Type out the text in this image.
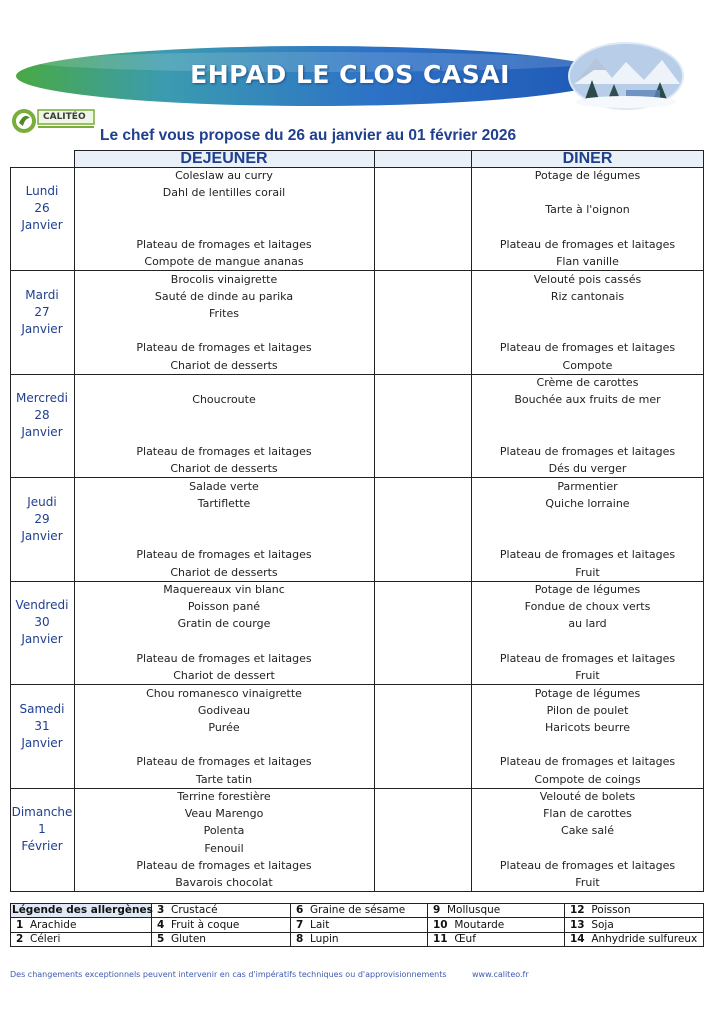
EHPAD LE CLOS CASAI
CALITÉO
Le chef vous propose du 26 au janvier au 01 février 2026
DEJEUNER	DINER
Lundi
26
Janvier
Coleslaw au curry
Dahl de lentilles corail
Plateau de fromages et laitages
Compote de mangue ananas
Potage de légumes
Tarte à l'oignon
Plateau de fromages et laitages
Flan vanille
Mardi
27
Janvier
Brocolis vinaigrette
Sauté de dinde au parika
Frites
Plateau de fromages et laitages
Chariot de desserts
Velouté pois cassés
Riz cantonais
Plateau de fromages et laitages
Compote
Mercredi
28
Janvier
Choucroute
Plateau de fromages et laitages
Chariot de desserts
Crème de carottes
Bouchée aux fruits de mer
Plateau de fromages et laitages
Dés du verger
Jeudi
29
Janvier
Salade verte
Tartiflette
Plateau de fromages et laitages
Chariot de desserts
Parmentier
Quiche lorraine
Plateau de fromages et laitages
Fruit
Vendredi
30
Janvier
Maquereaux vin blanc
Poisson pané
Gratin de courge
Plateau de fromages et laitages
Chariot de dessert
Potage de légumes
Fondue de choux verts
au lard
Plateau de fromages et laitages
Fruit
Samedi
31
Janvier
Chou romanesco vinaigrette
Godiveau
Purée
Plateau de fromages et laitages
Tarte tatin
Potage de légumes
Pilon de poulet
Haricots beurre
Plateau de fromages et laitages
Compote de coings
Dimanche
1
Février
Terrine forestière
Veau Marengo
Polenta
Fenouil
Plateau de fromages et laitages
Bavarois chocolat
Velouté de bolets
Flan de carottes
Cake salé
Plateau de fromages et laitages
Fruit
Légende des allergènes
1 Arachide
2 Céleri
3 Crustacé
4 Fruit à coque
5 Gluten
6 Graine de sésame
7 Lait
8 Lupin
9 Mollusque
10 Moutarde
11 Œuf
12 Poisson
13 Soja
14 Anhydride sulfureux
Des changements exceptionnels peuvent intervenir en cas d'impératifs techniques ou d'approvisionnements	www.caliteo.fr
